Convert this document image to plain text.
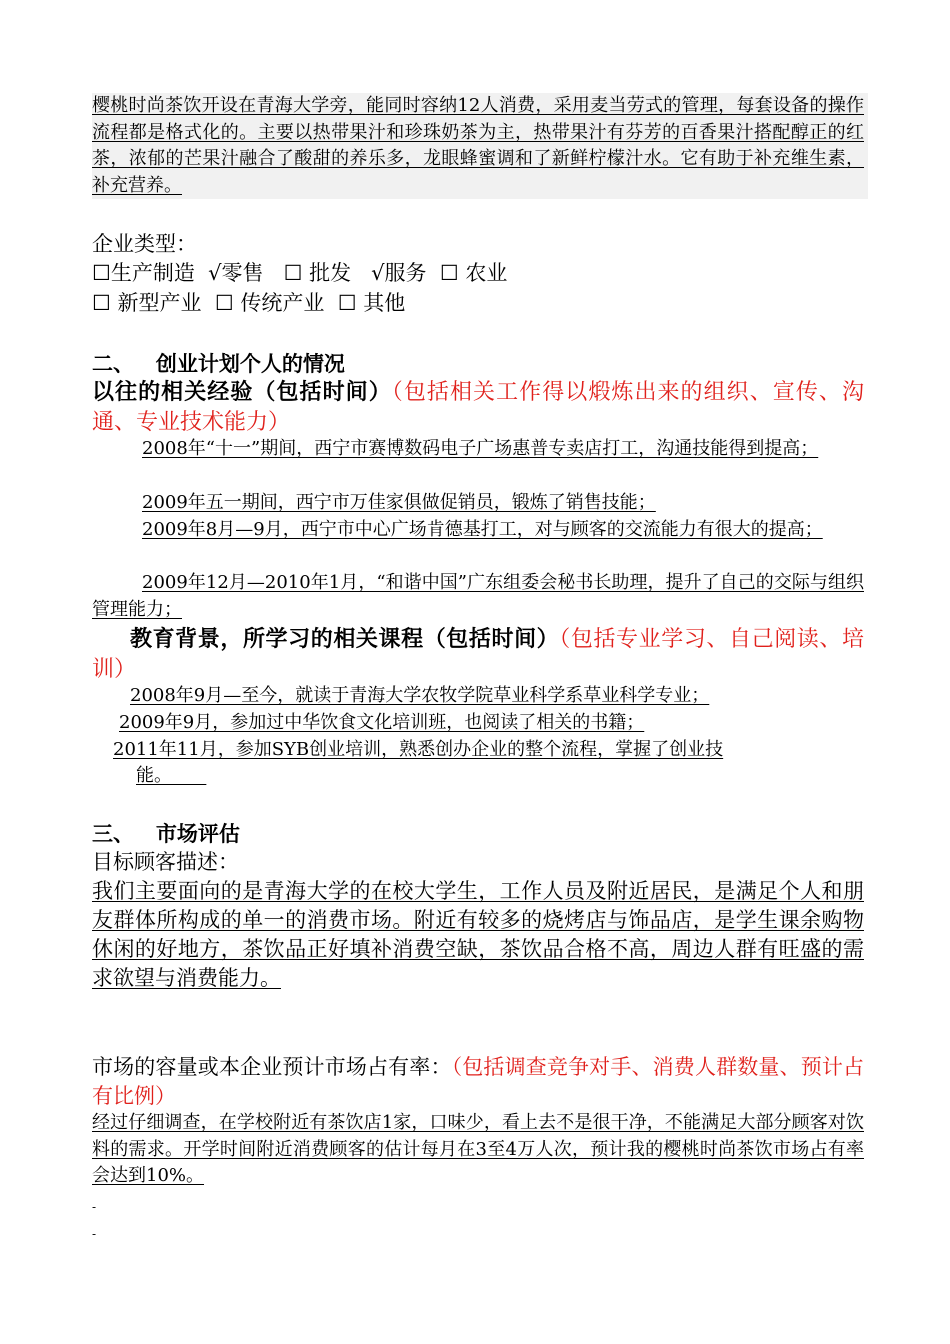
樱桃时尚茶饮开设在青海大学旁，能同时容纳12人消费，采用麦当劳式的管理，每套设备的操作流程都是格式化的。主要以热带果汁和珍珠奶茶为主，热带果汁有芬芳的百香果汁搭配醇正的红茶，浓郁的芒果汁融合了酸甜的养乐多，龙眼蜂蜜调和了新鲜柠檬汁水。它有助于补充维生素，补充营养。

企业类型：
☐生产制造  √零售   ☐ 批发   √服务  ☐ 农业
☐ 新型产业  ☐ 传统产业  ☐ 其他
二、   创业计划个人的情况

以往的相关经验（包括时间）（包括相关工作得以煅炼出来的组织、宣传、沟通、专业技术能力）

2008年“十一”期间，西宁市赛博数码电子广场惠普专卖店打工，沟通技能得到提高；

2009年五一期间，西宁市万佳家俱做促销员，锻炼了销售技能；

2009年8月—9月，西宁市中心广场肯德基打工，对与顾客的交流能力有很大的提高；

2009年12月—2010年1月，“和谐中国”广东组委会秘书长助理，提升了自己的交际与组织管理能力；

教育背景，所学习的相关课程（包括时间）（包括专业学习、自己阅读、培训）

2008年9月—至今，就读于青海大学农牧学院草业科学系草业科学专业；
2009年9月，参加过中华饮食文化培训班，也阅读了相关的书籍；
2011年11月，参加SYB创业培训，熟悉创办企业的整个流程，掌握了创业技
能。
三、   市场评估
目标顾客描述：

我们主要面向的是青海大学的在校大学生，工作人员及附近居民，是满足个人和朋友群体所构成的单一的消费市场。附近有较多的烧烤店与饰品店，是学生课余购物休闲的好地方，茶饮品正好填补消费空缺，茶饮品合格不高，周边人群有旺盛的需求欲望与消费能力。

市场的容量或本企业预计市场占有率：（包括调查竞争对手、消费人群数量、预计占有比例）

经过仔细调查，在学校附近有茶饮店1家，口味少，看上去不是很干净，不能满足大部分顾客对饮料的需求。开学时间附近消费顾客的估计每月在3至4万人次，预计我的樱桃时尚茶饮市场占有率会达到10%。

-
-
